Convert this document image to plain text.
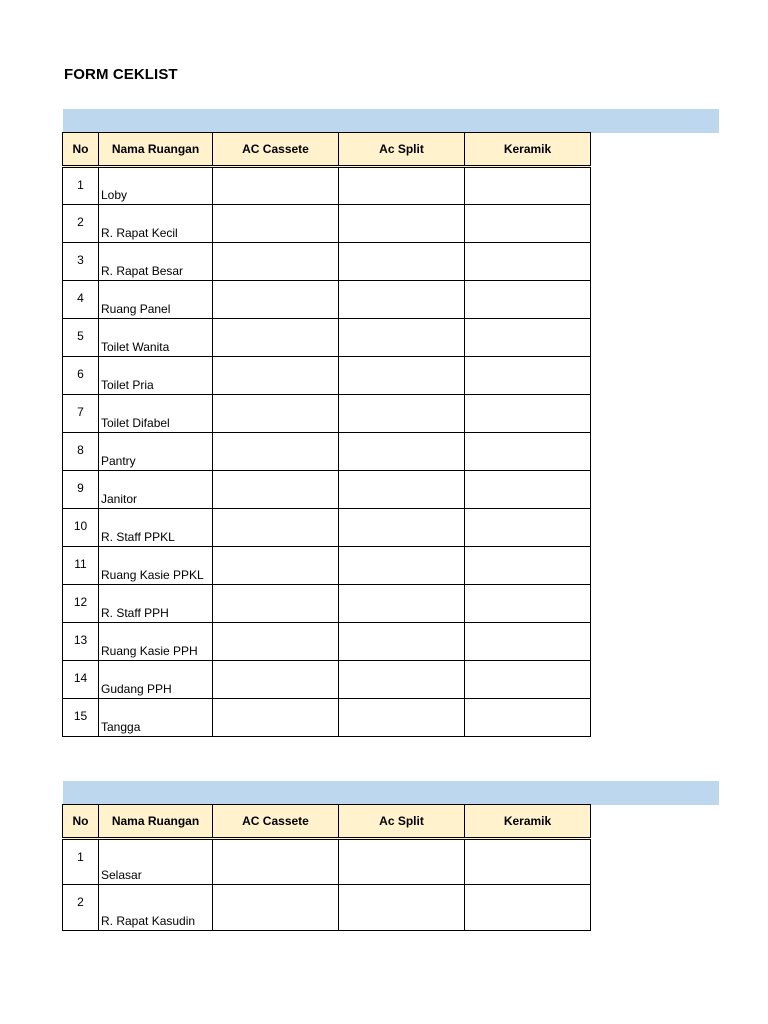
FORM CEKLIST
No	Nama Ruangan	AC Cassete	Ac Split	Keramik
1	Loby			
2	R. Rapat Kecil			
3	R. Rapat Besar			
4	Ruang Panel			
5	Toilet Wanita			
6	Toilet Pria			
7	Toilet Difabel			
8	Pantry			
9	Janitor			
10	R. Staff PPKL			
11	Ruang Kasie PPKL			
12	R. Staff PPH			
13	Ruang Kasie PPH			
14	Gudang PPH			
15	Tangga			
No	Nama Ruangan	AC Cassete	Ac Split	Keramik
1	Selasar			
2	R. Rapat Kasudin			
